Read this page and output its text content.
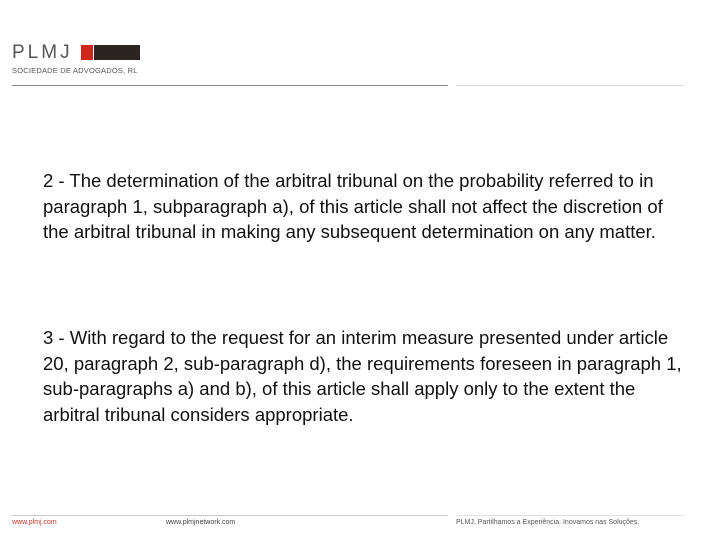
PLMJ
SOCIEDADE DE ADVOGADOS, RL
2 - The determination of the arbitral tribunal on the probability referred to in paragraph 1, subparagraph a), of this article shall not affect the discretion of the arbitral tribunal in making any subsequent determination on any matter.
3 - With regard to the request for an interim measure presented under article 20, paragraph 2, sub-paragraph d), the requirements foreseen in paragraph 1, sub-paragraphs a) and b), of this article shall apply only to the extent the arbitral tribunal considers appropriate.
www.plmj.com	www.plmjnetwork.com	PLMJ. Partilhamos a Experiência. Inovamos nas Soluções.
